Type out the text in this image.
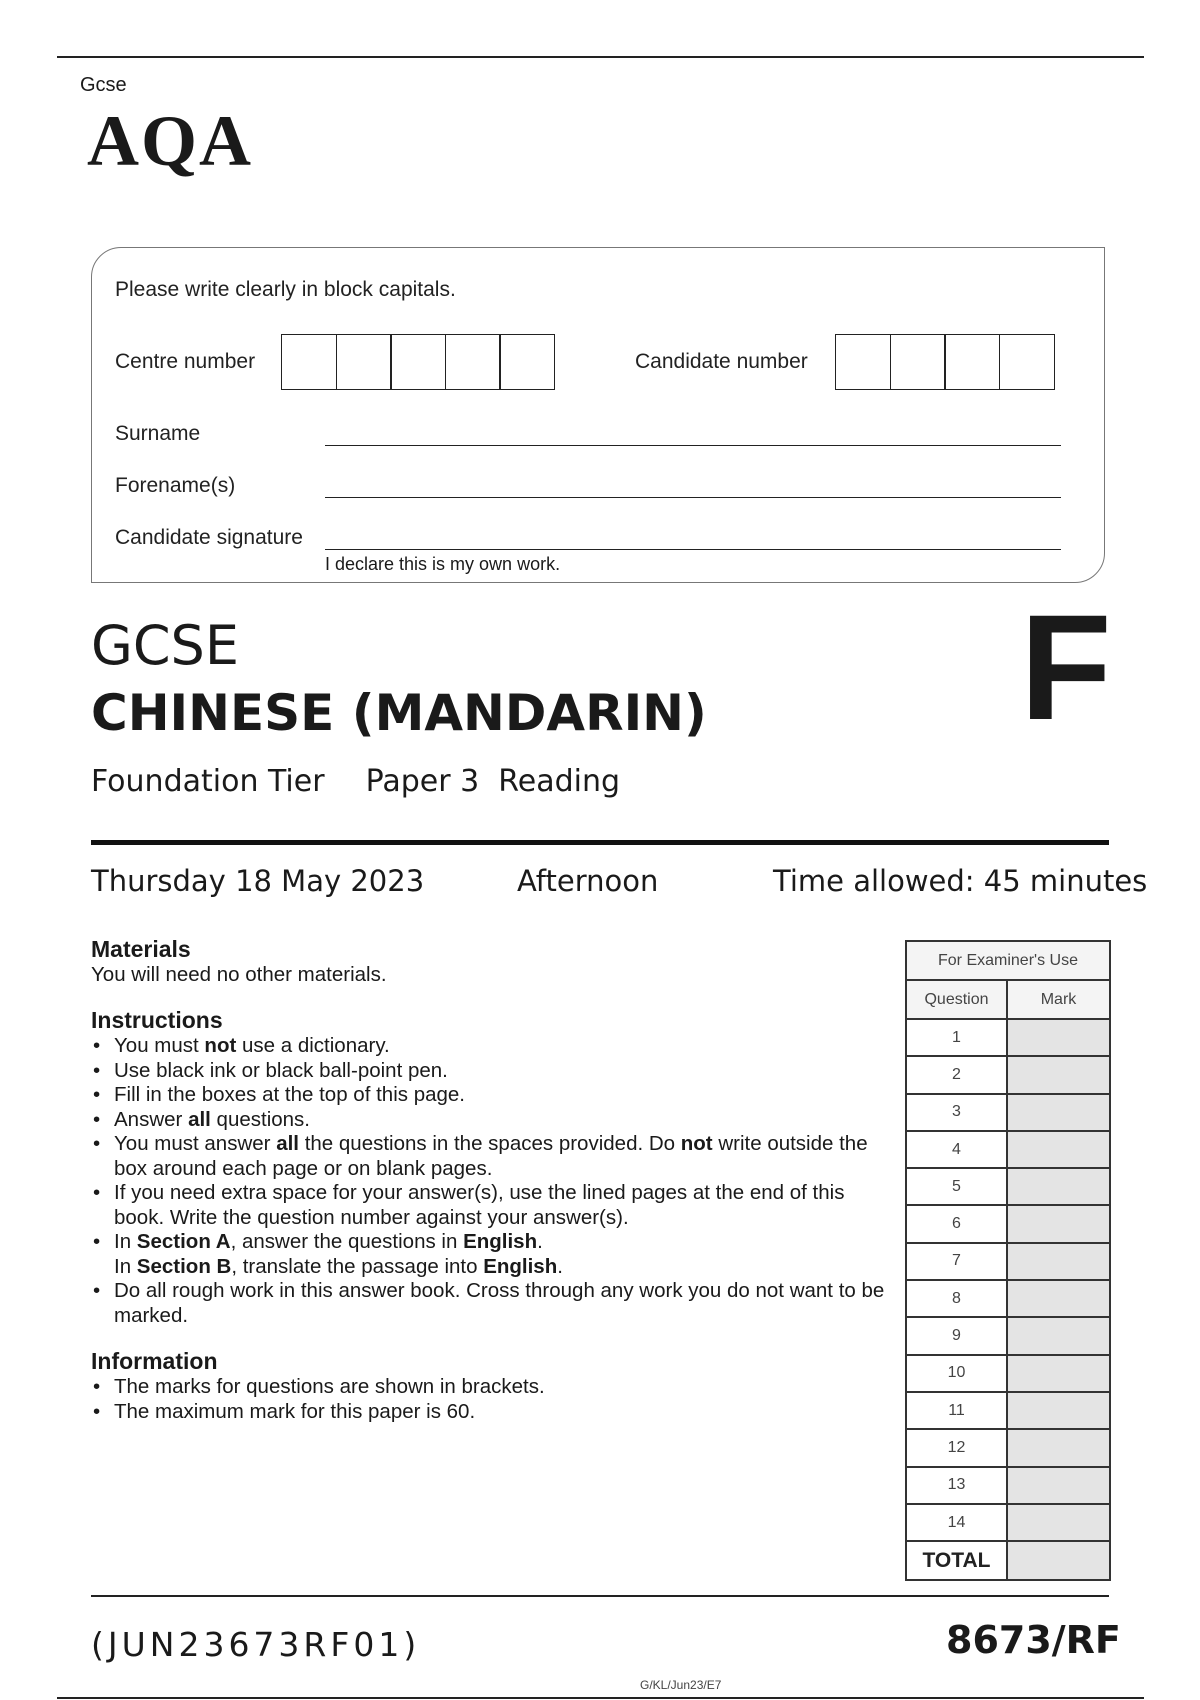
Gcse
AQA
Please write clearly in block capitals.
Centre number	Candidate number
Surname
Forename(s)
Candidate signature
I declare this is my own work.
GCSE
CHINESE (MANDARIN)
Foundation Tier Paper 3  Reading
F
Thursday 18 May 2023	Afternoon	Time allowed: 45 minutes
Materials
You will need no other materials.
Instructions
• You must not use a dictionary.
• Use black ink or black ball-point pen.
• Fill in the boxes at the top of this page.
• Answer all questions.
• You must answer all the questions in the spaces provided. Do not write outside the box around each page or on blank pages.
• If you need extra space for your answer(s), use the lined pages at the end of this book. Write the question number against your answer(s).
• In Section A, answer the questions in English.
In Section B, translate the passage into English.
• Do all rough work in this answer book. Cross through any work you do not want to be marked.
Information
• The marks for questions are shown in brackets.
• The maximum mark for this paper is 60.
For Examiner's Use	
Question	Mark
1	
2	
3	
4	
5	
6	
7	
8	
9	
10	
11	
12	
13	
14	
TOTAL	
(JUN23673RF01)	8673/RF
G/KL/Jun23/E7
